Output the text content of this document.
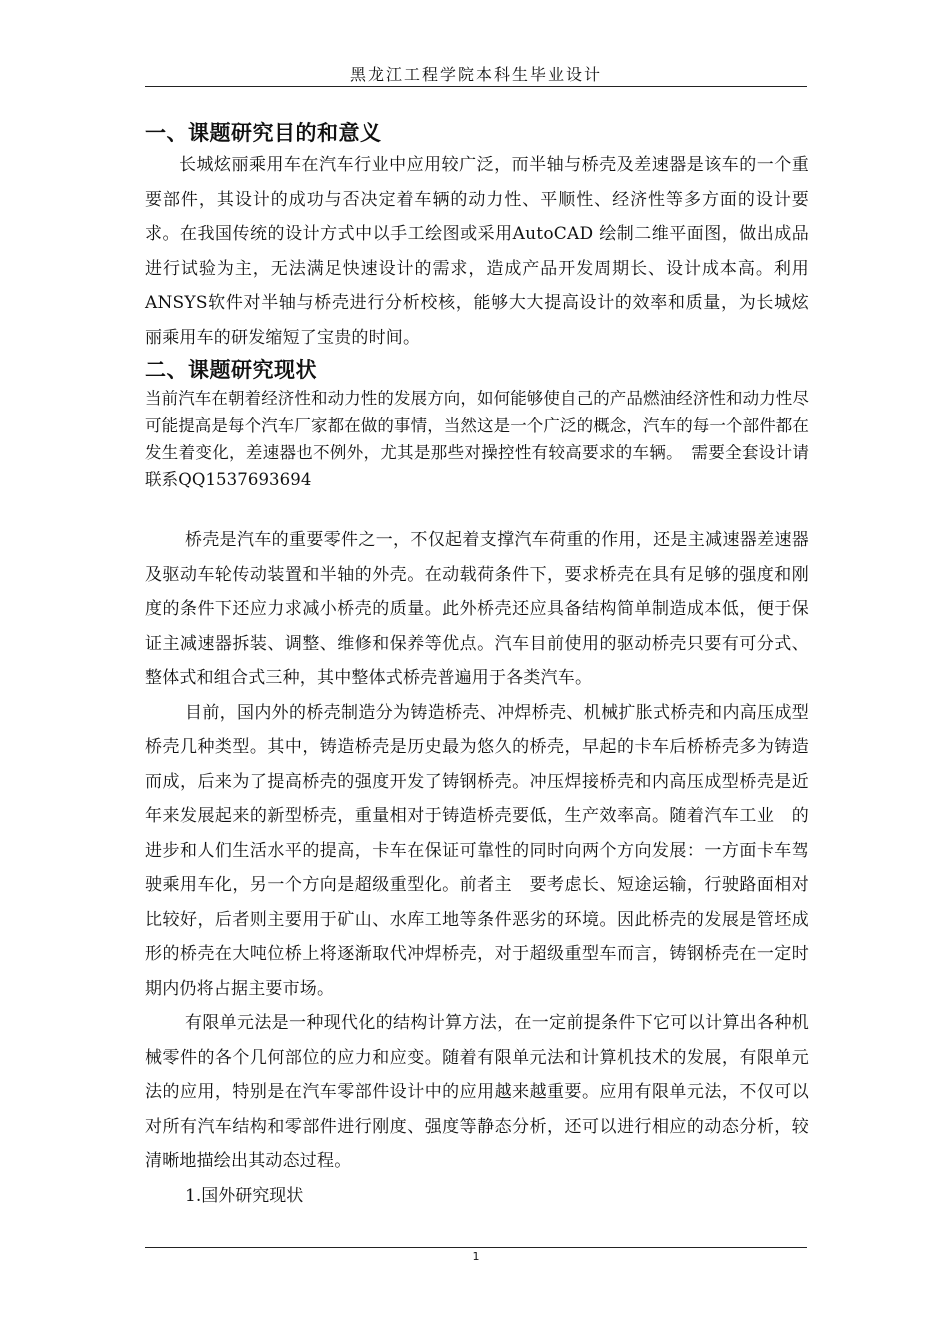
黑龙江工程学院本科生毕业设计
一、课题研究目的和意义

长城炫丽乘用车在汽车行业中应用较广泛，而半轴与桥壳及差速器是该车的一个重要部件，其设计的成功与否决定着车辆的动力性、平顺性、经济性等多方面的设计要求。在我国传统的设计方式中以手工绘图或采用AutoCAD 绘制二维平面图，做出成品进行试验为主，无法满足快速设计的需求，造成产品开发周期长、设计成本高。利用ANSYS软件对半轴与桥壳进行分析校核，能够大大提高设计的效率和质量，为长城炫丽乘用车的研发缩短了宝贵的时间。

二、课题研究现状

当前汽车在朝着经济性和动力性的发展方向，如何能够使自己的产品燃油经济性和动力性尽可能提高是每个汽车厂家都在做的事情，当然这是一个广泛的概念，汽车的每一个部件都在发生着变化，差速器也不例外，尤其是那些对操控性有较高要求的车辆。　需要全套设计请联系QQ1537693694

桥壳是汽车的重要零件之一，不仅起着支撑汽车荷重的作用，还是主减速器差速器及驱动车轮传动装置和半轴的外壳。在动载荷条件下，要求桥壳在具有足够的强度和刚度的条件下还应力求减小桥壳的质量。此外桥壳还应具备结构简单制造成本低，便于保证主减速器拆装、调整、维修和保养等优点。汽车目前使用的驱动桥壳只要有可分式、整体式和组合式三种，其中整体式桥壳普遍用于各类汽车。

目前，国内外的桥壳制造分为铸造桥壳、冲焊桥壳、机械扩胀式桥壳和内高压成型桥壳几种类型。其中，铸造桥壳是历史最为悠久的桥壳，早起的卡车后桥桥壳多为铸造而成，后来为了提高桥壳的强度开发了铸钢桥壳。冲压焊接桥壳和内高压成型桥壳是近年来发展起来的新型桥壳，重量相对于铸造桥壳要低，生产效率高。随着汽车工业　的进步和人们生活水平的提高，卡车在保证可靠性的同时向两个方向发展：一方面卡车驾驶乘用车化，另一个方向是超级重型化。前者主　要考虑长、短途运输，行驶路面相对比较好，后者则主要用于矿山、水库工地等条件恶劣的环境。因此桥壳的发展是管坯成形的桥壳在大吨位桥上将逐渐取代冲焊桥壳，对于超级重型车而言，铸钢桥壳在一定时期内仍将占据主要市场。

有限单元法是一种现代化的结构计算方法，在一定前提条件下它可以计算出各种机械零件的各个几何部位的应力和应变。随着有限单元法和计算机技术的发展，有限单元法的应用，特别是在汽车零部件设计中的应用越来越重要。应用有限单元法，不仅可以对所有汽车结构和零部件进行刚度、强度等静态分析，还可以进行相应的动态分析，较清晰地描绘出其动态过程。

1.国外研究现状

1
